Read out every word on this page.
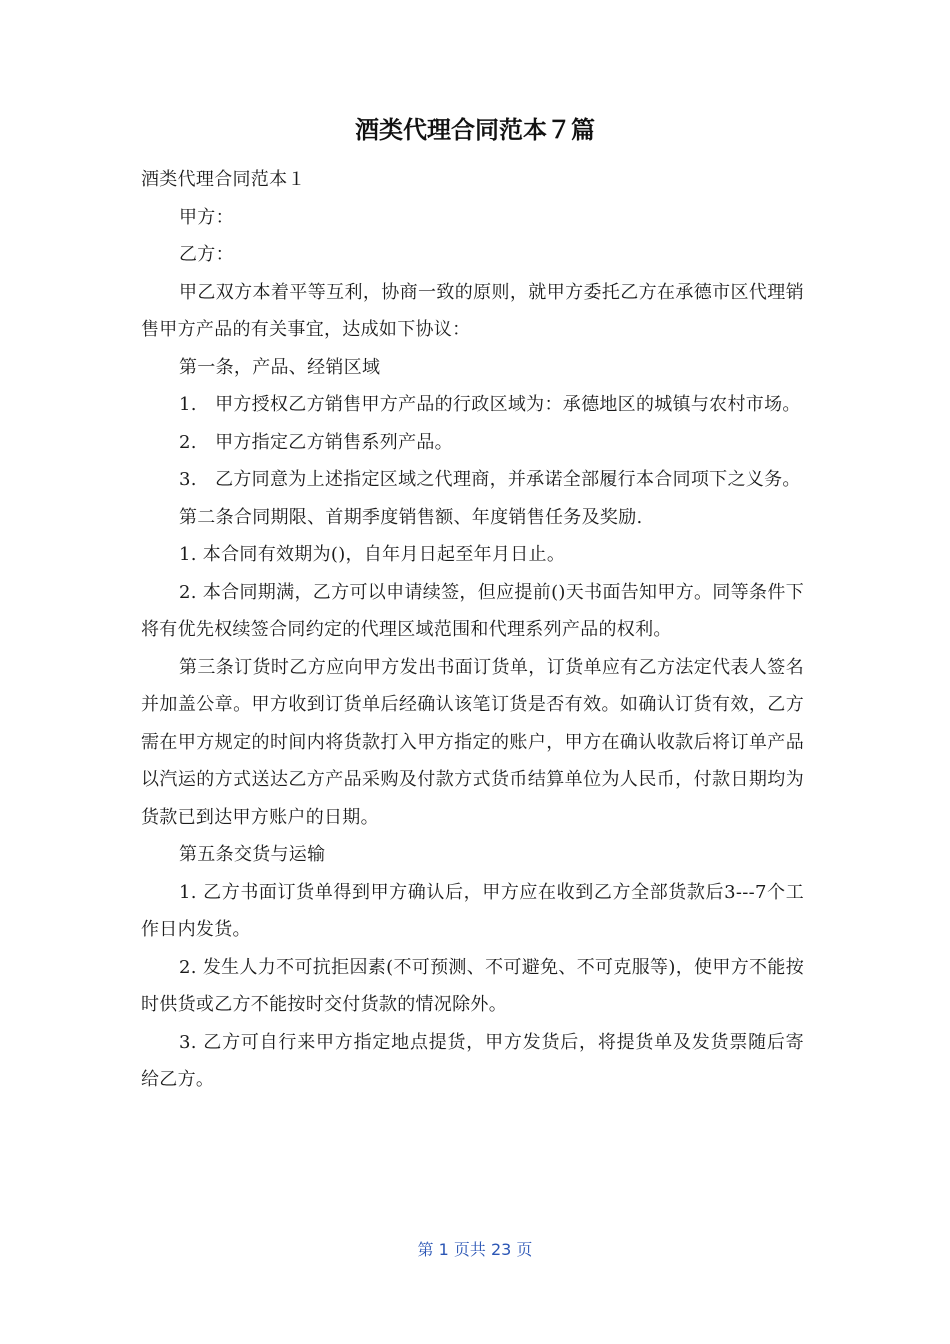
酒类代理合同范本７篇

酒类代理合同范本１

甲方：

乙方：

甲乙双方本着平等互利，协商一致的原则，就甲方委托乙方在承德市区代理销售甲方产品的有关事宜，达成如下协议：

第一条，产品、经销区域

1.　甲方授权乙方销售甲方产品的行政区域为：承德地区的城镇与农村市场。

2.　甲方指定乙方销售系列产品。

3.　乙方同意为上述指定区域之代理商，并承诺全部履行本合同项下之义务。

第二条合同期限、首期季度销售额、年度销售任务及奖励.

1. 本合同有效期为()，自年月日起至年月日止。

2. 本合同期满，乙方可以申请续签，但应提前()天书面告知甲方。同等条件下将有优先权续签合同约定的代理区域范围和代理系列产品的权利。

第三条订货时乙方应向甲方发出书面订货单，订货单应有乙方法定代表人签名并加盖公章。甲方收到订货单后经确认该笔订货是否有效。如确认订货有效，乙方需在甲方规定的时间内将货款打入甲方指定的账户，甲方在确认收款后将订单产品以汽运的方式送达乙方产品采购及付款方式货币结算单位为人民币，付款日期均为货款已到达甲方账户的日期。

第五条交货与运输

1. 乙方书面订货单得到甲方确认后，甲方应在收到乙方全部货款后3---7个工作日内发货。

2. 发生人力不可抗拒因素(不可预测、不可避免、不可克服等)，使甲方不能按时供货或乙方不能按时交付货款的情况除外。

3. 乙方可自行来甲方指定地点提货，甲方发货后，将提货单及发货票随后寄给乙方。

第 1 页共 23 页
